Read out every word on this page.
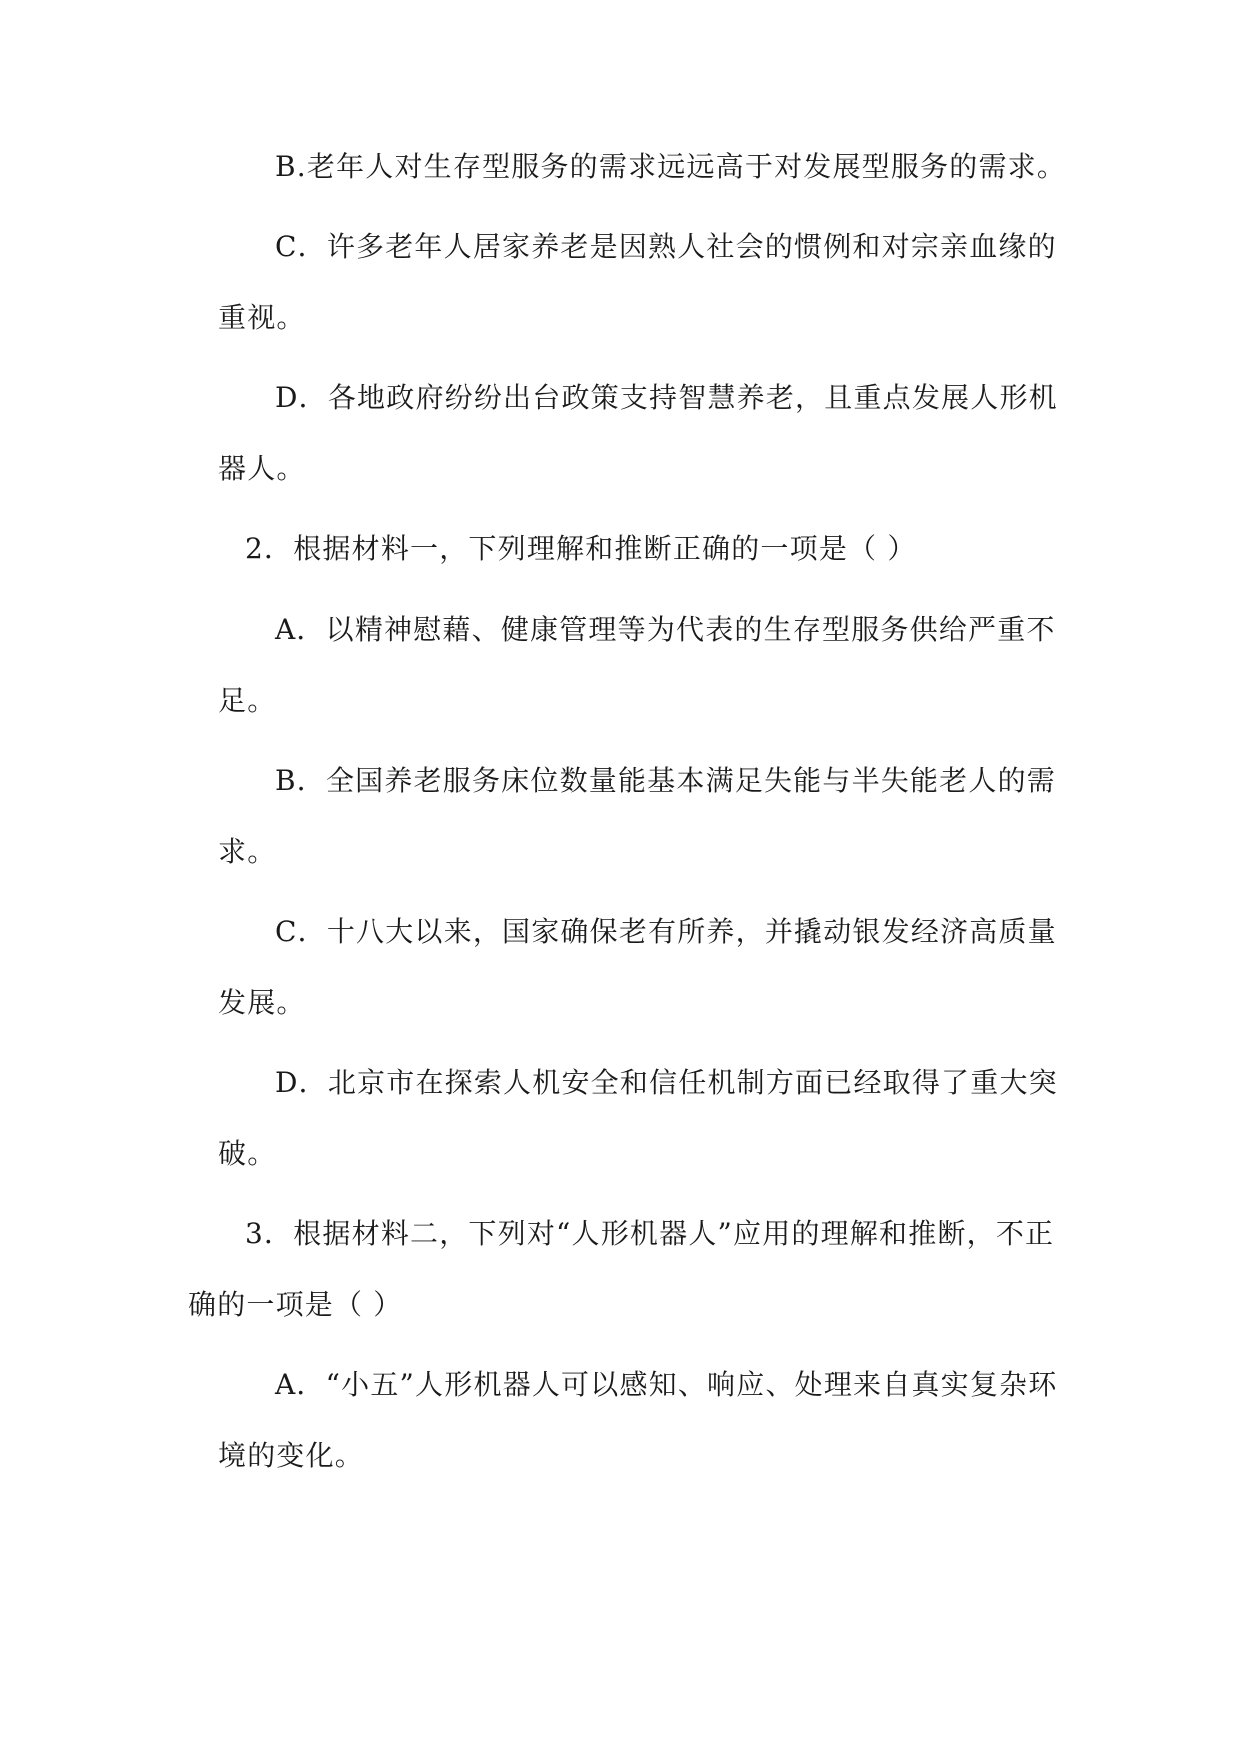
B.老年人对生存型服务的需求远远高于对发展型服务的需求。
C．许多老年人居家养老是因熟人社会的惯例和对宗亲血缘的
重视。
D．各地政府纷纷出台政策支持智慧养老，且重点发展人形机
器人。
2．根据材料一，下列理解和推断正确的一项是（ ）
A．以精神慰藉、健康管理等为代表的生存型服务供给严重不
足。
B．全国养老服务床位数量能基本满足失能与半失能老人的需
求。
C．十八大以来，国家确保老有所养，并撬动银发经济高质量
发展。
D．北京市在探索人机安全和信任机制方面已经取得了重大突
破。
3．根据材料二，下列对“人形机器人”应用的理解和推断，不正
确的一项是（ ）
A．“小五”人形机器人可以感知、响应、处理来自真实复杂环
境的变化。
